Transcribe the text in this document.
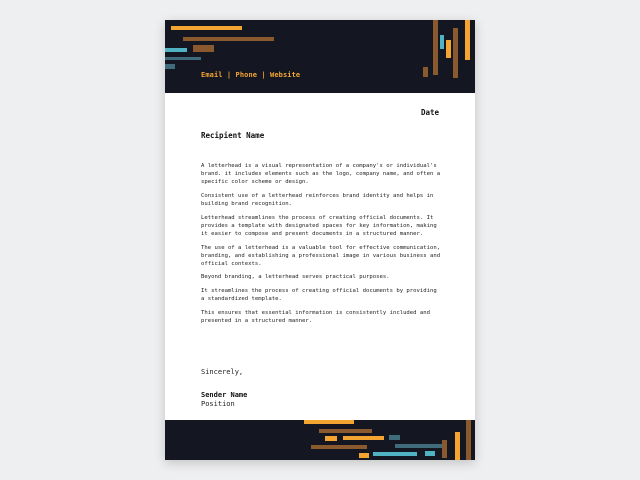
Email | Phone | Website
Date
Recipient Name

A letterhead is a visual representation of a company's or individual's brand. it includes elements such as the logo, company name, and often a specific color scheme or design.

Consistent use of a letterhead reinforces brand identity and helps in building brand recognition.

Letterhead streamlines the process of creating official documents. It provides a template with designated spaces for key information, making it easier to compose and present documents in a structured manner.

The use of a letterhead is a valuable tool for effective communication, branding, and establishing a professional image in various business and official contexts.

Beyond branding, a letterhead serves practical purposes.

It streamlines the process of creating official documents by providing a standardized template.

This ensures that essential information is consistently included and presented in a structured manner.

Sincerely,
Sender Name
Position
